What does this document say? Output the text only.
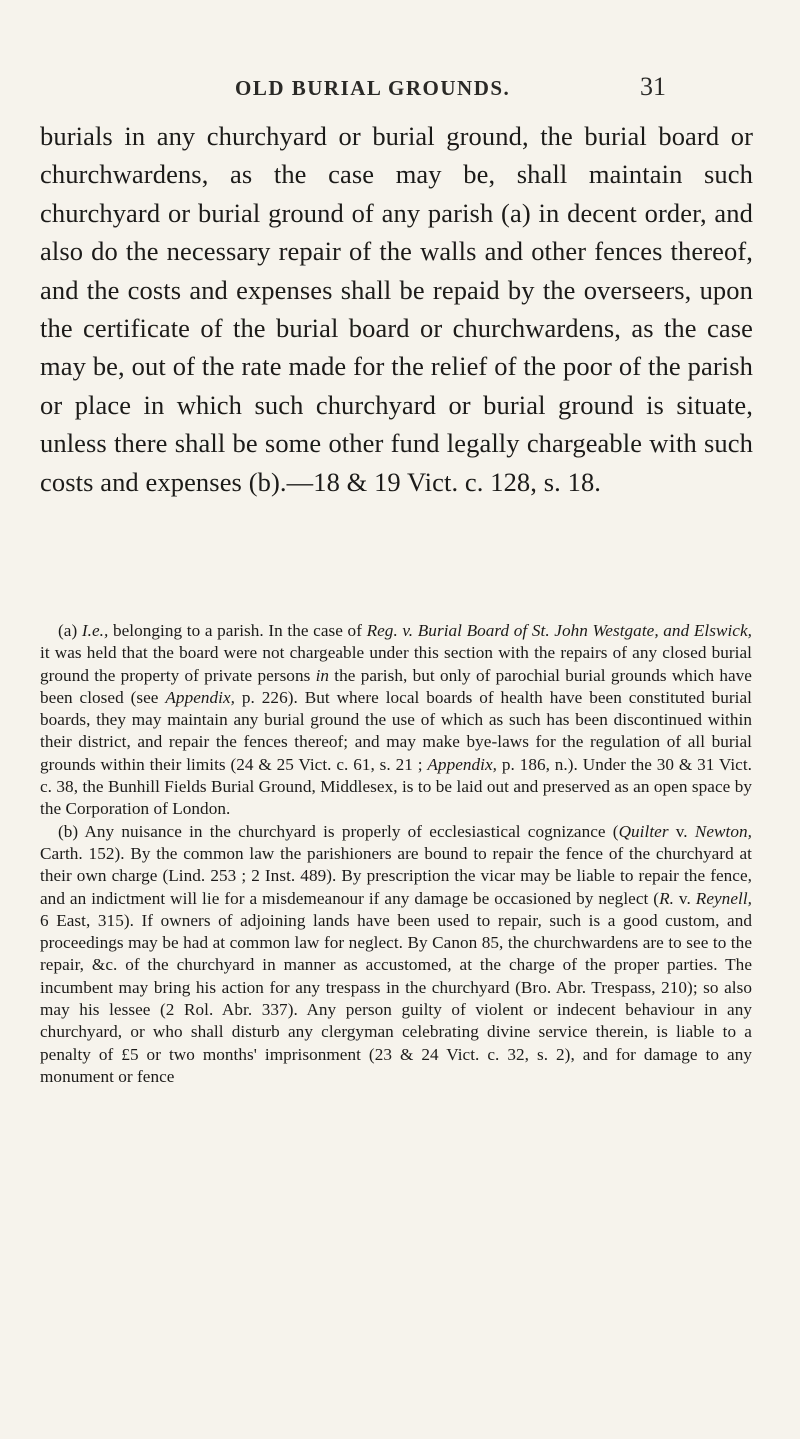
OLD BURIAL GROUNDS.	31

burials in any churchyard or burial ground, the burial board or churchwardens, as the case may be, shall maintain such churchyard or burial ground of any parish (a) in decent order, and also do the necessary repair of the walls and other fences thereof, and the costs and expenses shall be repaid by the overseers, upon the certificate of the burial board or churchwardens, as the case may be, out of the rate made for the relief of the poor of the parish or place in which such churchyard or burial ground is situate, unless there shall be some other fund legally chargeable with such costs and expenses (b).—18 & 19 Vict. c. 128, s. 18.

(a) I.e., belonging to a parish. In the case of Reg. v. Burial Board of St. John Westgate, and Elswick, it was held that the board were not chargeable under this section with the repairs of any closed burial ground the property of private persons in the parish, but only of parochial burial grounds which have been closed (see Appendix, p. 226). But where local boards of health have been constituted burial boards, they may maintain any burial ground the use of which as such has been discontinued within their district, and repair the fences thereof; and may make bye-laws for the regulation of all burial grounds within their limits (24 & 25 Vict. c. 61, s. 21 ; Appendix, p. 186, n.). Under the 30 & 31 Vict. c. 38, the Bunhill Fields Burial Ground, Middlesex, is to be laid out and preserved as an open space by the Corporation of London.

(b) Any nuisance in the churchyard is properly of ecclesiastical cognizance (Quilter v. Newton, Carth. 152). By the common law the parishioners are bound to repair the fence of the churchyard at their own charge (Lind. 253 ; 2 Inst. 489). By prescription the vicar may be liable to repair the fence, and an indictment will lie for a misdemeanour if any damage be occasioned by neglect (R. v. Reynell, 6 East, 315). If owners of adjoining lands have been used to repair, such is a good custom, and proceedings may be had at common law for neglect. By Canon 85, the churchwardens are to see to the repair, &c. of the churchyard in manner as accustomed, at the charge of the proper parties. The incumbent may bring his action for any trespass in the churchyard (Bro. Abr. Trespass, 210); so also may his lessee (2 Rol. Abr. 337). Any person guilty of violent or indecent behaviour in any churchyard, or who shall disturb any clergyman celebrating divine service therein, is liable to a penalty of £5 or two months' imprisonment (23 & 24 Vict. c. 32, s. 2), and for damage to any monument or fence
